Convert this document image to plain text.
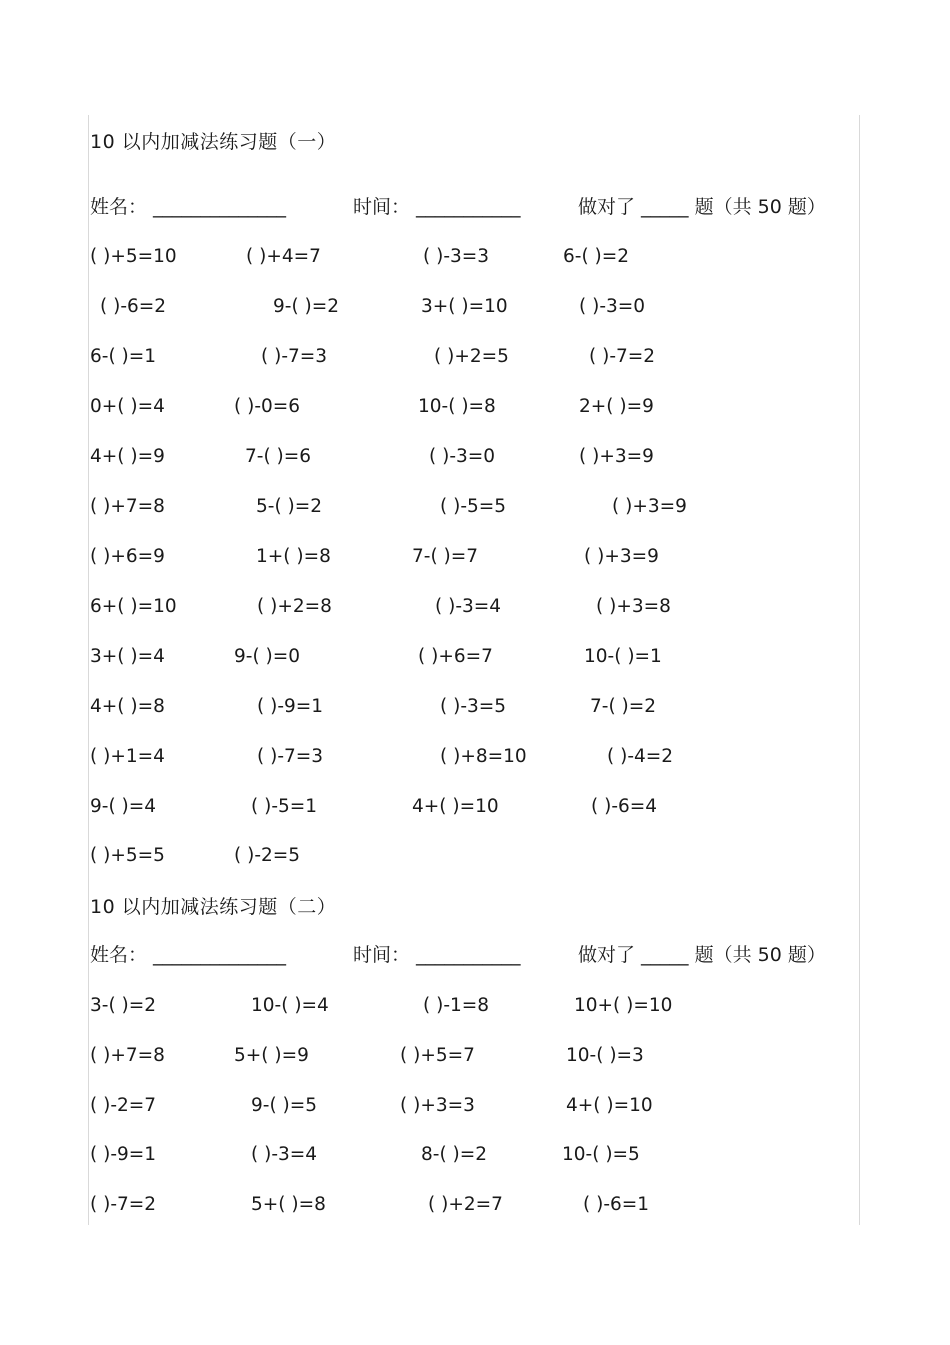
10 以内加减法练习题（一）
姓名： ______________	时间： ___________	做对了 _____ 题（共 50 题）
( )+5=10	( )+4=7	( )-3=3	6-( )=2
( )-6=2	9-( )=2	3+( )=10	( )-3=0
6-( )=1	( )-7=3	( )+2=5	( )-7=2
0+( )=4	( )-0=6	10-( )=8	2+( )=9
4+( )=9	7-( )=6	( )-3=0	( )+3=9
( )+7=8	5-( )=2	( )-5=5	( )+3=9
( )+6=9	1+( )=8	7-( )=7	( )+3=9
6+( )=10	( )+2=8	( )-3=4	( )+3=8
3+( )=4	9-( )=0	( )+6=7	10-( )=1
4+( )=8	( )-9=1	( )-3=5	7-( )=2
( )+1=4	( )-7=3	( )+8=10	( )-4=2
9-( )=4	( )-5=1	4+( )=10	( )-6=4
( )+5=5	( )-2=5
10 以内加减法练习题（二）
姓名： ______________	时间： ___________	做对了 _____ 题（共 50 题）
3-( )=2	10-( )=4	( )-1=8	10+( )=10
( )+7=8	5+( )=9	( )+5=7	10-( )=3
( )-2=7	9-( )=5	( )+3=3	4+( )=10
( )-9=1	( )-3=4	8-( )=2	10-( )=5
( )-7=2	5+( )=8	( )+2=7	( )-6=1
